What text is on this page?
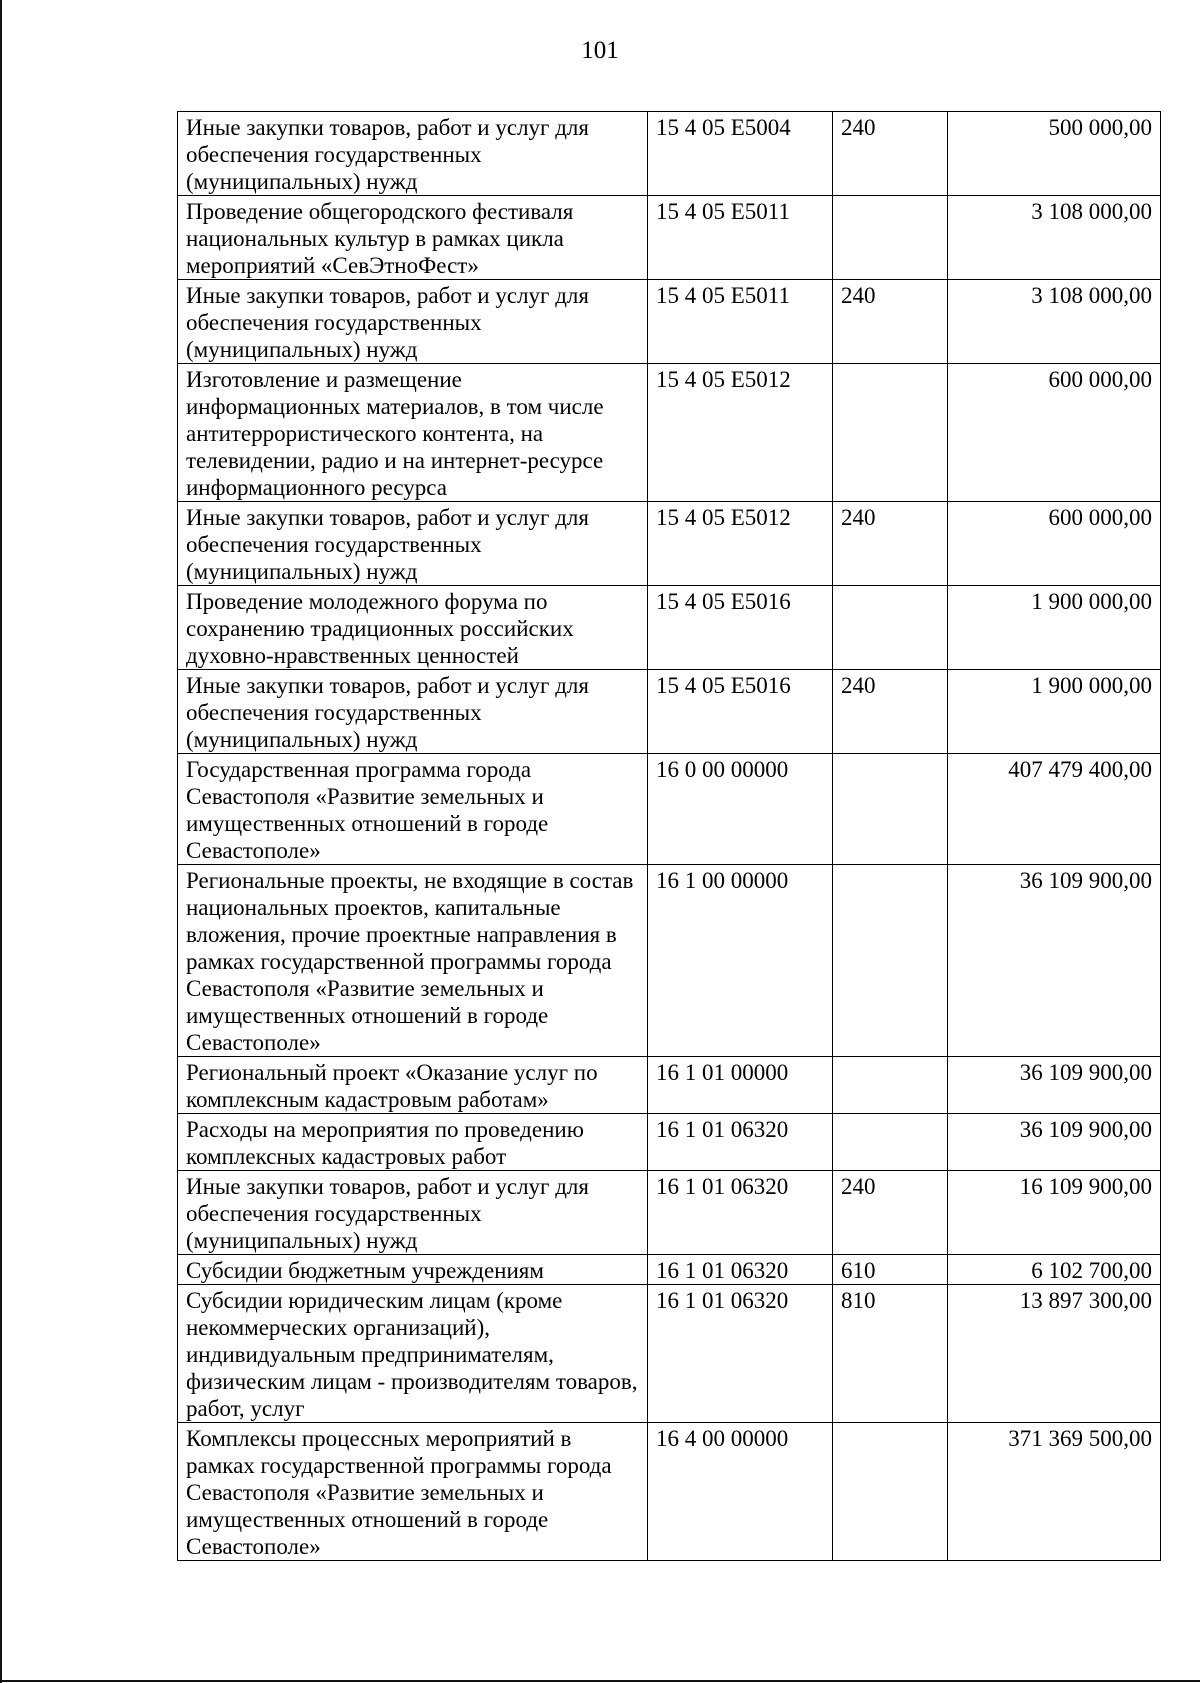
101
Иные закупки товаров, работ и услуг для обеспечения государственных (муниципальных) нужд	15 4 05 E5004	240	500 000,00
Проведение общегородского фестиваля национальных культур в рамках цикла мероприятий «СевЭтноФест»	15 4 05 E5011		3 108 000,00
Иные закупки товаров, работ и услуг для обеспечения государственных (муниципальных) нужд	15 4 05 E5011	240	3 108 000,00
Изготовление и размещение информационных материалов, в том числе антитеррористического контента, на телевидении, радио и на интернет-ресурсе информационного ресурса	15 4 05 E5012		600 000,00
Иные закупки товаров, работ и услуг для обеспечения государственных (муниципальных) нужд	15 4 05 E5012	240	600 000,00
Проведение молодежного форума по сохранению традиционных российских духовно-нравственных ценностей	15 4 05 E5016		1 900 000,00
Иные закупки товаров, работ и услуг для обеспечения государственных (муниципальных) нужд	15 4 05 E5016	240	1 900 000,00
Государственная программа города Севастополя «Развитие земельных и имущественных отношений в городе Севастополе»	16 0 00 00000		407 479 400,00
Региональные проекты, не входящие в состав национальных проектов, капитальные вложения, прочие проектные направления в рамках государственной программы города Севастополя «Развитие земельных и имущественных отношений в городе Севастополе»	16 1 00 00000		36 109 900,00
Региональный проект «Оказание услуг по комплексным кадастровым работам»	16 1 01 00000		36 109 900,00
Расходы на мероприятия по проведению комплексных кадастровых работ	16 1 01 06320		36 109 900,00
Иные закупки товаров, работ и услуг для обеспечения государственных (муниципальных) нужд	16 1 01 06320	240	16 109 900,00
Субсидии бюджетным учреждениям	16 1 01 06320	610	6 102 700,00
Субсидии юридическим лицам (кроме некоммерческих организаций), индивидуальным предпринимателям, физическим лицам - производителям товаров, работ, услуг	16 1 01 06320	810	13 897 300,00
Комплексы процессных мероприятий в рамках государственной программы города Севастополя «Развитие земельных и имущественных отношений в городе Севастополе»	16 4 00 00000		371 369 500,00
